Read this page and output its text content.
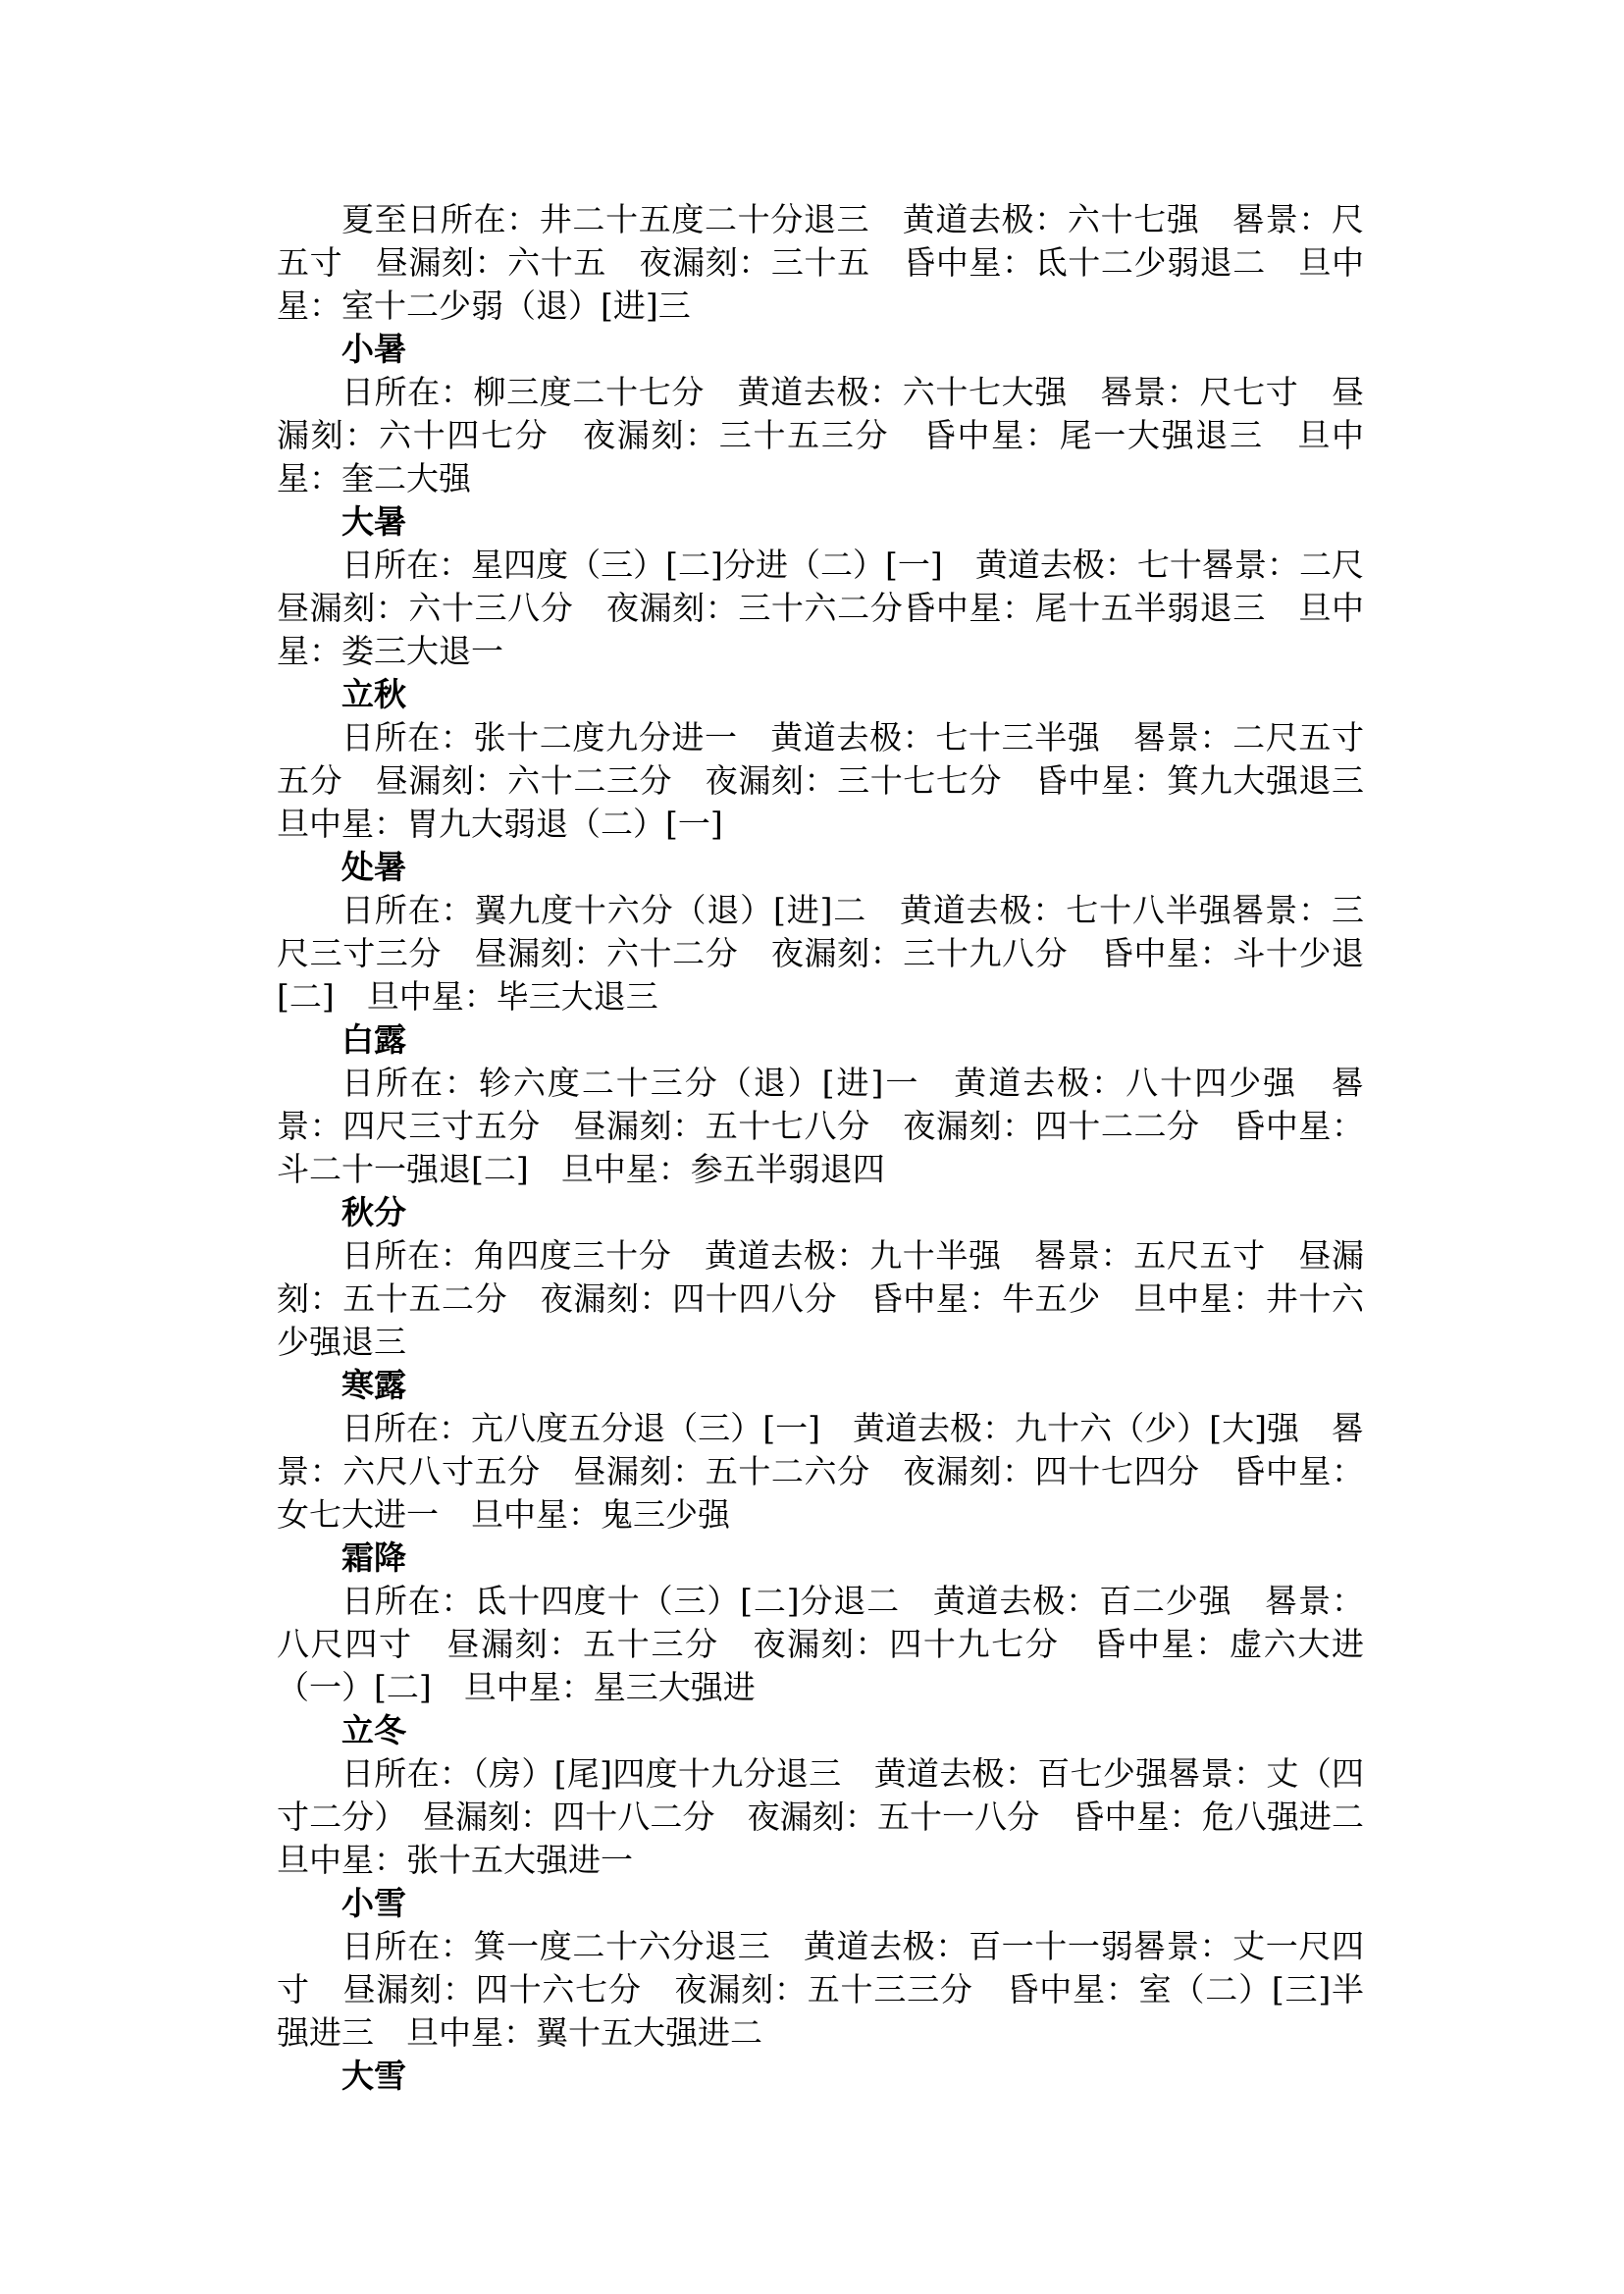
夏至日所在：井二十五度二十分退三　黄道去极：六十七强　晷景：尺五寸　昼漏刻：六十五　夜漏刻：三十五　昏中星：氐十二少弱退二　旦中星：室十二少弱（退）[进]三

小暑

日所在：柳三度二十七分　黄道去极：六十七大强　晷景：尺七寸　昼漏刻：六十四七分　夜漏刻：三十五三分　昏中星：尾一大强退三　旦中星：奎二大强

大暑

日所在：星四度（三）[二]分进（二）[一]　黄道去极：七十晷景：二尺　昼漏刻：六十三八分　夜漏刻：三十六二分昏中星：尾十五半弱退三　旦中星：娄三大退一

立秋

日所在：张十二度九分进一　黄道去极：七十三半强　晷景：二尺五寸五分　昼漏刻：六十二三分　夜漏刻：三十七七分　昏中星：箕九大强退三旦中星：胃九大弱退（二）[一]

处暑

日所在：翼九度十六分（退）[进]二　黄道去极：七十八半强晷景：三尺三寸三分　昼漏刻：六十二分　夜漏刻：三十九八分　昏中星：斗十少退[二]　旦中星：毕三大退三

白露

日所在：轸六度二十三分（退）[进]一　黄道去极：八十四少强　晷景：四尺三寸五分　昼漏刻：五十七八分　夜漏刻：四十二二分　昏中星：斗二十一强退[二]　旦中星：参五半弱退四

秋分

日所在：角四度三十分　黄道去极：九十半强　晷景：五尺五寸　昼漏刻：五十五二分　夜漏刻：四十四八分　昏中星：牛五少　旦中星：井十六少强退三

寒露

日所在：亢八度五分退（三）[一]　黄道去极：九十六（少）[大]强　晷景：六尺八寸五分　昼漏刻：五十二六分　夜漏刻：四十七四分　昏中星：女七大进一　旦中星：鬼三少强

霜降

日所在：氐十四度十（三）[二]分退二　黄道去极：百二少强　晷景：八尺四寸　昼漏刻：五十三分　夜漏刻：四十九七分　昏中星：虚六大进（一）[二]　旦中星：星三大强进

立冬

日所在：（房）[尾]四度十九分退三　黄道去极：百七少强晷景：丈（四寸二分）　昼漏刻：四十八二分　夜漏刻：五十一八分　昏中星：危八强进二　旦中星：张十五大强进一

小雪

日所在：箕一度二十六分退三　黄道去极：百一十一弱晷景：丈一尺四寸　昼漏刻：四十六七分　夜漏刻：五十三三分　昏中星：室（二）[三]半强进三　旦中星：翼十五大强进二

大雪
